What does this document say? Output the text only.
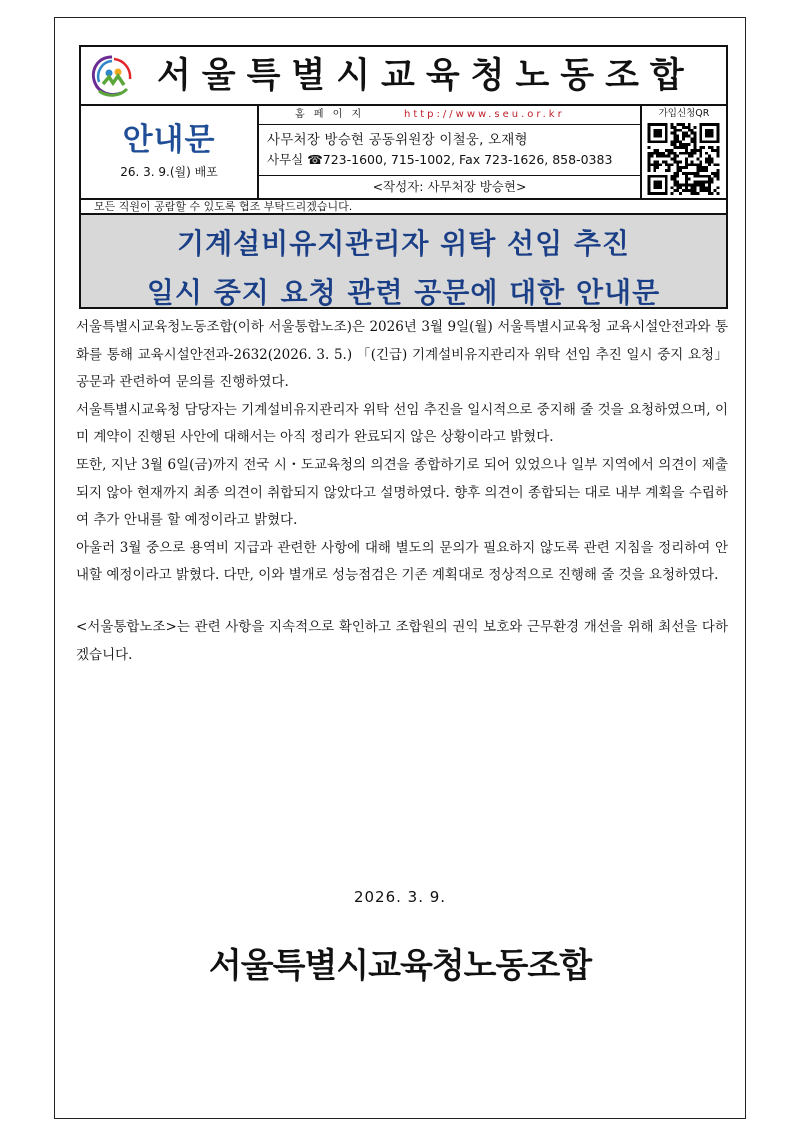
서울특별시교육청노동조합
안내문
26. 3. 9.(월) 배포
홈 페 이 지	http://www.seu.or.kr
사무처장 방승현 공동위원장 이철웅, 오재형
사무실 ☎723-1600, 715-1002, Fax 723-1626, 858-0383
<작성자: 사무처장 방승현>
가입신청QR
모든 직원이 공람할 수 있도록 협조 부탁드리겠습니다.
기계설비유지관리자 위탁 선임 추진
일시 중지 요청 관련 공문에 대한 안내문

서울특별시교육청노동조합(이하 서울통합노조)은 2026년 3월 9일(월) 서울특별시교육청 교육시설안전과와 통화를 통해 교육시설안전과-2632(2026. 3. 5.) 「(긴급) 기계설비유지관리자 위탁 선임 추진 일시 중지 요청」 공문과 관련하여 문의를 진행하였다.

서울특별시교육청 담당자는 기계설비유지관리자 위탁 선임 추진을 일시적으로 중지해 줄 것을 요청하였으며, 이미 계약이 진행된 사안에 대해서는 아직 정리가 완료되지 않은 상황이라고 밝혔다.

또한, 지난 3월 6일(금)까지 전국 시・도교육청의 의견을 종합하기로 되어 있었으나 일부 지역에서 의견이 제출되지 않아 현재까지 최종 의견이 취합되지 않았다고 설명하였다. 향후 의견이 종합되는 대로 내부 계획을 수립하여 추가 안내를 할 예정이라고 밝혔다.

아울러 3월 중으로 용역비 지급과 관련한 사항에 대해 별도의 문의가 필요하지 않도록 관련 지침을 정리하여 안내할 예정이라고 밝혔다. 다만, 이와 별개로 성능점검은 기존 계획대로 정상적으로 진행해 줄 것을 요청하였다.

<서울통합노조>는 관련 사항을 지속적으로 확인하고 조합원의 권익 보호와 근무환경 개선을 위해 최선을 다하겠습니다.

2026. 3. 9.
서울특별시교육청노동조합
